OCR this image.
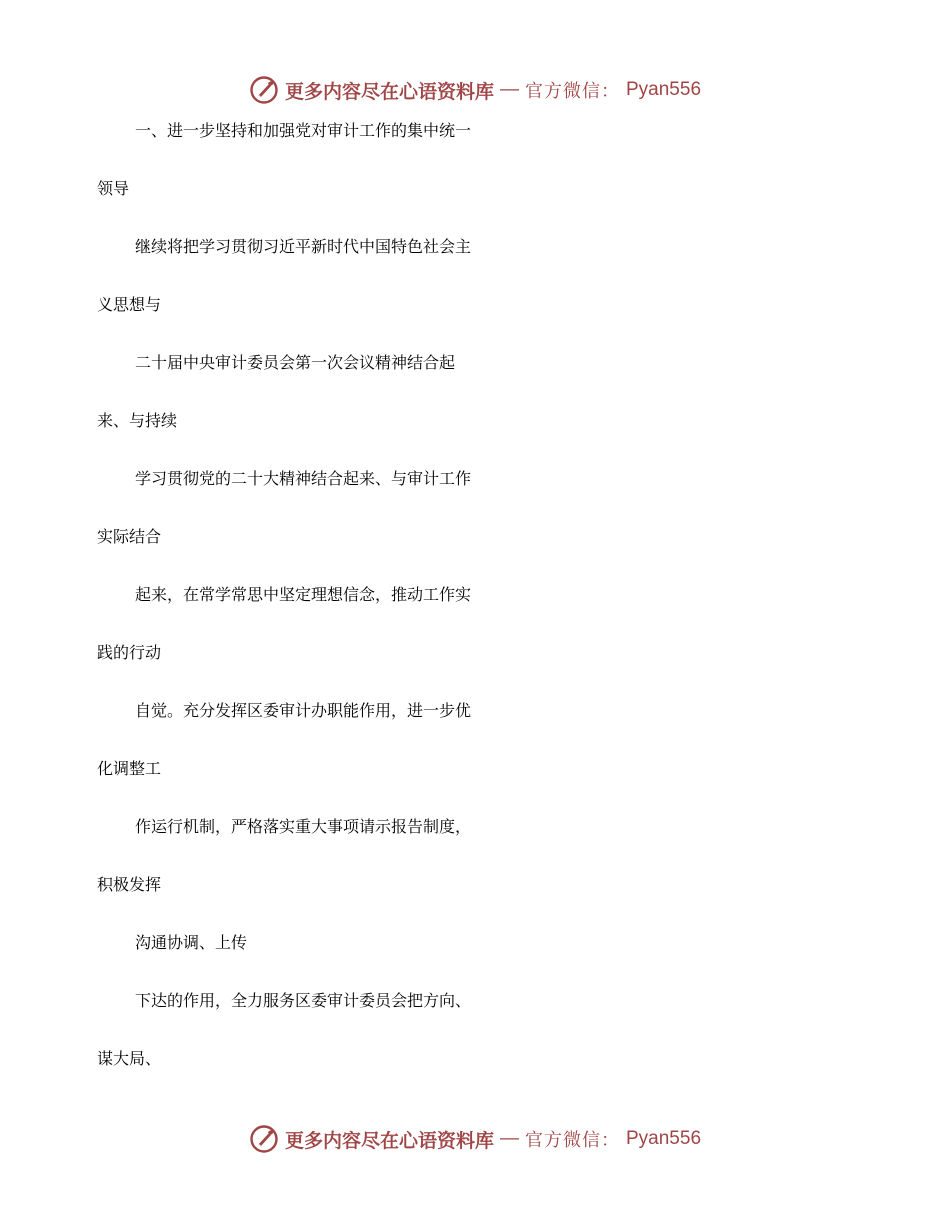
更多内容尽在心语资料库 — 官方微信： Pyan556
一、进一步坚持和加强党对审计工作的集中统一
领导
继续将把学习贯彻习近平新时代中国特色社会主
义思想与
二十届中央审计委员会第一次会议精神结合起
来、与持续
学习贯彻党的二十大精神结合起来、与审计工作
实际结合
起来，在常学常思中坚定理想信念，推动工作实
践的行动
自觉。充分发挥区委审计办职能作用，进一步优
化调整工
作运行机制，严格落实重大事项请示报告制度，
积极发挥
沟通协调、上传
下达的作用，全力服务区委审计委员会把方向、
谋大局、
更多内容尽在心语资料库 — 官方微信： Pyan556
